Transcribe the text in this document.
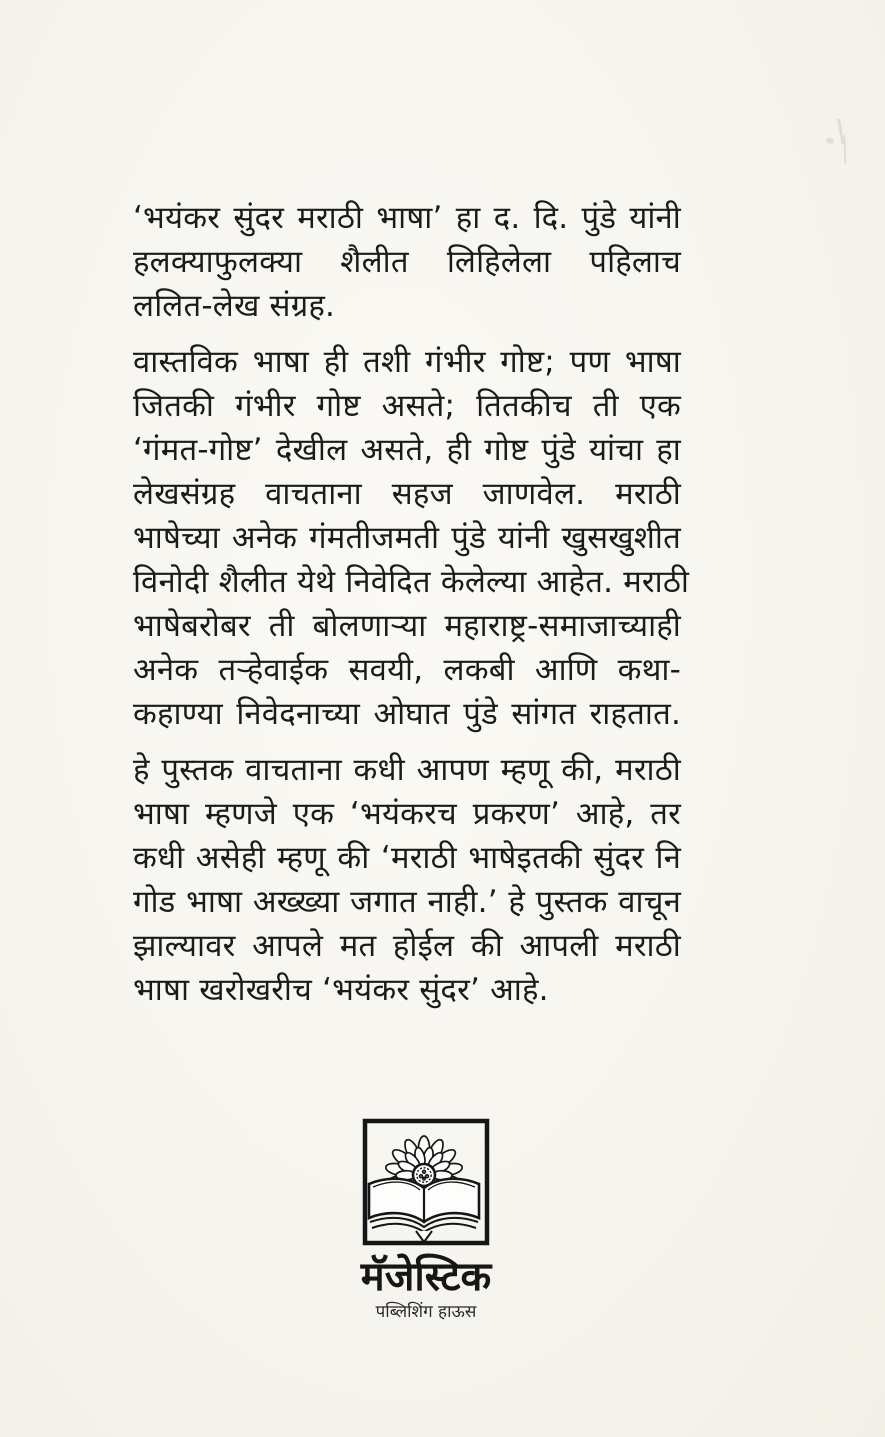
‘भयंकर सुंदर मराठी भाषा’ हा द. दि. पुंडे यांनी
हलक्याफुलक्या शैलीत लिहिलेला पहिलाच
ललित-लेख संग्रह.
वास्तविक भाषा ही तशी गंभीर गोष्ट; पण भाषा
जितकी गंभीर गोष्ट असते; तितकीच ती एक
‘गंमत-गोष्ट’ देखील असते, ही गोष्ट पुंडे यांचा हा
लेखसंग्रह वाचताना सहज जाणवेल. मराठी
भाषेच्या अनेक गंमतीजमती पुंडे यांनी खुसखुशीत
विनोदी शैलीत येथे निवेदित केलेल्या आहेत. मराठी
भाषेबरोबर ती बोलणाऱ्या महाराष्ट्र-समाजाच्याही
अनेक तऱ्हेवाईक सवयी, लकबी आणि कथा-
कहाण्या निवेदनाच्या ओघात पुंडे सांगत राहतात.
हे पुस्तक वाचताना कधी आपण म्हणू की, मराठी
भाषा म्हणजे एक ‘भयंकरच प्रकरण’ आहे, तर
कधी असेही म्हणू की ‘मराठी भाषेइतकी सुंदर नि
गोड भाषा अख्ख्या जगात नाही.’ हे पुस्तक वाचून
झाल्यावर आपले मत होईल की आपली मराठी
भाषा खरोखरीच ‘भयंकर सुंदर’ आहे.
मॅजेस्टिक
पब्लिशिंग हाऊस
